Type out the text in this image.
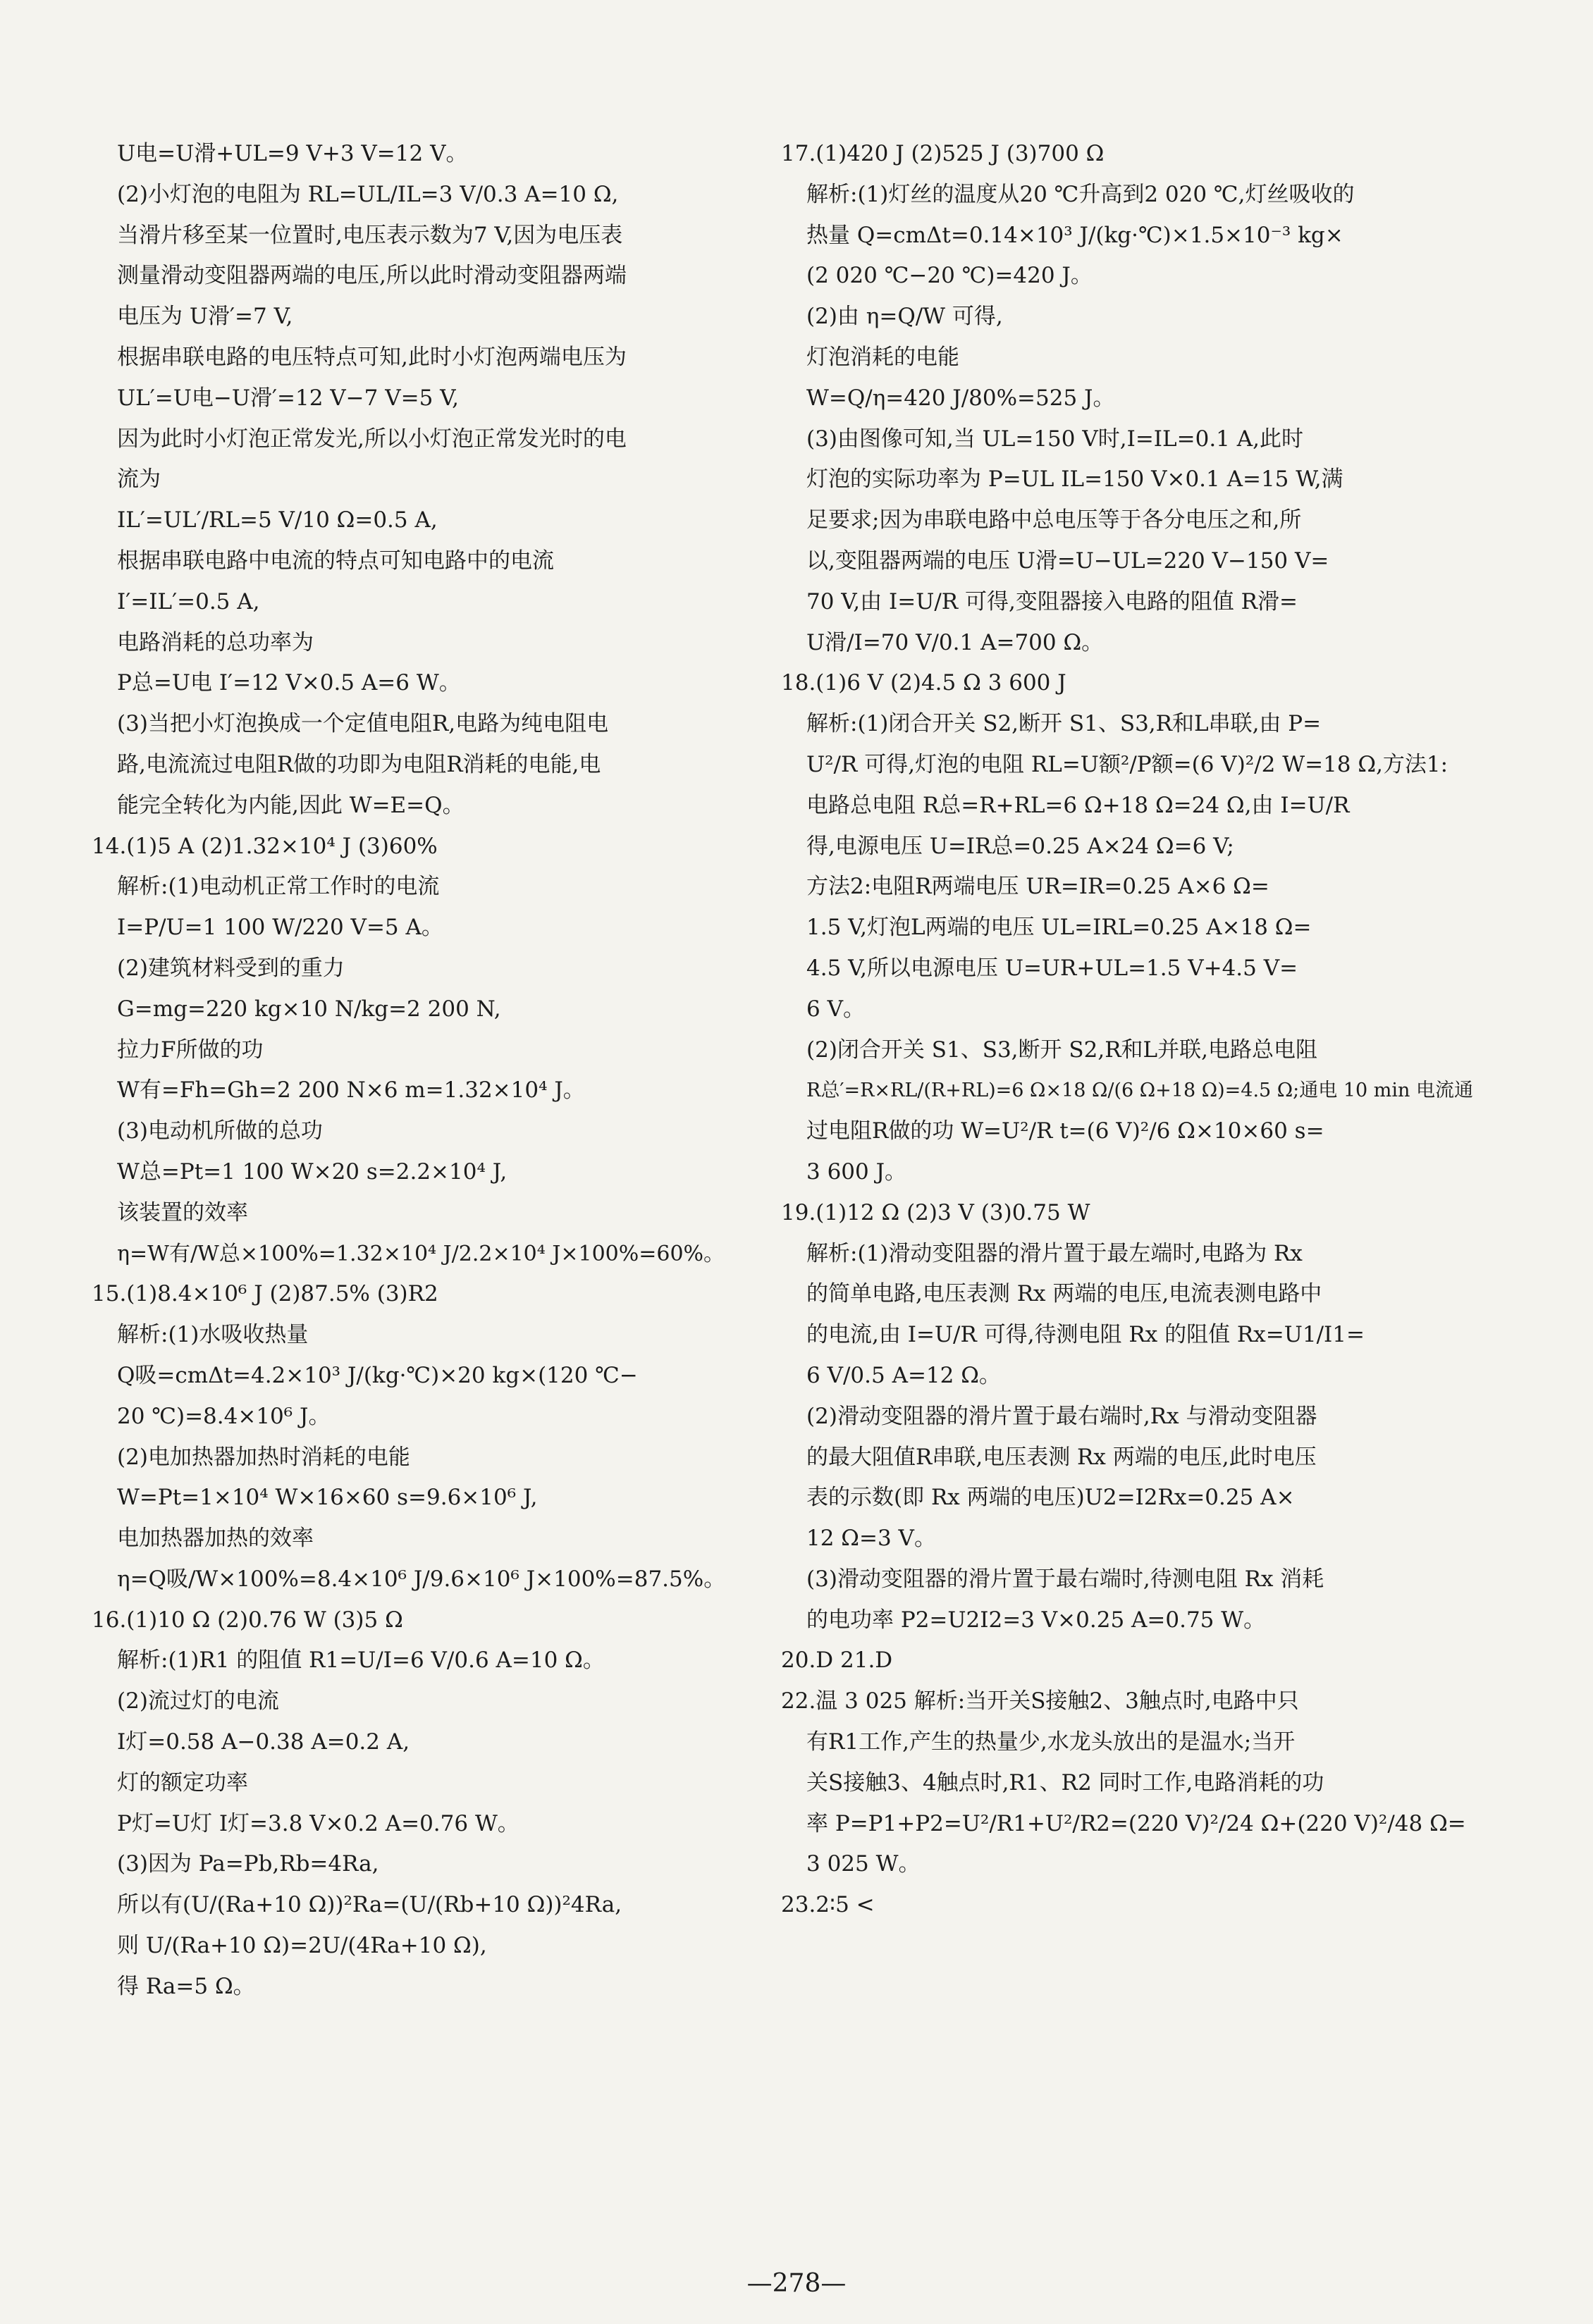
U电=U滑+UL=9 V+3 V=12 V。
(2)小灯泡的电阻为 RL=UL/IL=3 V/0.3 A=10 Ω,
当滑片移至某一位置时,电压表示数为7 V,因为电压表
测量滑动变阻器两端的电压,所以此时滑动变阻器两端
电压为 U滑′=7 V,
根据串联电路的电压特点可知,此时小灯泡两端电压为
UL′=U电−U滑′=12 V−7 V=5 V,
因为此时小灯泡正常发光,所以小灯泡正常发光时的电
流为
IL′=UL′/RL=5 V/10 Ω=0.5 A,
根据串联电路中电流的特点可知电路中的电流
I′=IL′=0.5 A,
电路消耗的总功率为
P总=U电 I′=12 V×0.5 A=6 W。
(3)当把小灯泡换成一个定值电阻R,电路为纯电阻电
路,电流流过电阻R做的功即为电阻R消耗的电能,电
能完全转化为内能,因此 W=E=Q。
14.(1)5 A (2)1.32×10⁴ J (3)60%
解析:(1)电动机正常工作时的电流
I=P/U=1 100 W/220 V=5 A。
(2)建筑材料受到的重力
G=mg=220 kg×10 N/kg=2 200 N,
拉力F所做的功
W有=Fh=Gh=2 200 N×6 m=1.32×10⁴ J。
(3)电动机所做的总功
W总=Pt=1 100 W×20 s=2.2×10⁴ J,
该装置的效率
η=W有/W总×100%=1.32×10⁴ J/2.2×10⁴ J×100%=60%。
15.(1)8.4×10⁶ J (2)87.5% (3)R2
解析:(1)水吸收热量
Q吸=cmΔt=4.2×10³ J/(kg·℃)×20 kg×(120 ℃−
20 ℃)=8.4×10⁶ J。
(2)电加热器加热时消耗的电能
W=Pt=1×10⁴ W×16×60 s=9.6×10⁶ J,
电加热器加热的效率
η=Q吸/W×100%=8.4×10⁶ J/9.6×10⁶ J×100%=87.5%。
16.(1)10 Ω (2)0.76 W (3)5 Ω
解析:(1)R1 的阻值 R1=U/I=6 V/0.6 A=10 Ω。
(2)流过灯的电流
I灯=0.58 A−0.38 A=0.2 A,
灯的额定功率
P灯=U灯 I灯=3.8 V×0.2 A=0.76 W。
(3)因为 Pa=Pb,Rb=4Ra,
所以有(U/(Ra+10 Ω))²Ra=(U/(Rb+10 Ω))²4Ra,
则 U/(Ra+10 Ω)=2U/(4Ra+10 Ω),
得 Ra=5 Ω。
17.(1)420 J (2)525 J (3)700 Ω
解析:(1)灯丝的温度从20 ℃升高到2 020 ℃,灯丝吸收的
热量 Q=cmΔt=0.14×10³ J/(kg·℃)×1.5×10⁻³ kg×
(2 020 ℃−20 ℃)=420 J。
(2)由 η=Q/W 可得,
灯泡消耗的电能
W=Q/η=420 J/80%=525 J。
(3)由图像可知,当 UL=150 V时,I=IL=0.1 A,此时
灯泡的实际功率为 P=UL IL=150 V×0.1 A=15 W,满
足要求;因为串联电路中总电压等于各分电压之和,所
以,变阻器两端的电压 U滑=U−UL=220 V−150 V=
70 V,由 I=U/R 可得,变阻器接入电路的阻值 R滑=
U滑/I=70 V/0.1 A=700 Ω。
18.(1)6 V (2)4.5 Ω 3 600 J
解析:(1)闭合开关 S2,断开 S1、S3,R和L串联,由 P=
U²/R 可得,灯泡的电阻 RL=U额²/P额=(6 V)²/2 W=18 Ω,方法1:
电路总电阻 R总=R+RL=6 Ω+18 Ω=24 Ω,由 I=U/R
得,电源电压 U=IR总=0.25 A×24 Ω=6 V;
方法2:电阻R两端电压 UR=IR=0.25 A×6 Ω=
1.5 V,灯泡L两端的电压 UL=IRL=0.25 A×18 Ω=
4.5 V,所以电源电压 U=UR+UL=1.5 V+4.5 V=
6 V。
(2)闭合开关 S1、S3,断开 S2,R和L并联,电路总电阻
R总′=R×RL/(R+RL)=6 Ω×18 Ω/(6 Ω+18 Ω)=4.5 Ω;通电 10 min 电流通
过电阻R做的功 W=U²/R t=(6 V)²/6 Ω×10×60 s=
3 600 J。
19.(1)12 Ω (2)3 V (3)0.75 W
解析:(1)滑动变阻器的滑片置于最左端时,电路为 Rx
的简单电路,电压表测 Rx 两端的电压,电流表测电路中
的电流,由 I=U/R 可得,待测电阻 Rx 的阻值 Rx=U1/I1=
6 V/0.5 A=12 Ω。
(2)滑动变阻器的滑片置于最右端时,Rx 与滑动变阻器
的最大阻值R串联,电压表测 Rx 两端的电压,此时电压
表的示数(即 Rx 两端的电压)U2=I2Rx=0.25 A×
12 Ω=3 V。
(3)滑动变阻器的滑片置于最右端时,待测电阻 Rx 消耗
的电功率 P2=U2I2=3 V×0.25 A=0.75 W。
20.D 21.D
22.温 3 025 解析:当开关S接触2、3触点时,电路中只
有R1工作,产生的热量少,水龙头放出的是温水;当开
关S接触3、4触点时,R1、R2 同时工作,电路消耗的功
率 P=P1+P2=U²/R1+U²/R2=(220 V)²/24 Ω+(220 V)²/48 Ω=
3 025 W。
23.2∶5 <
—278—
